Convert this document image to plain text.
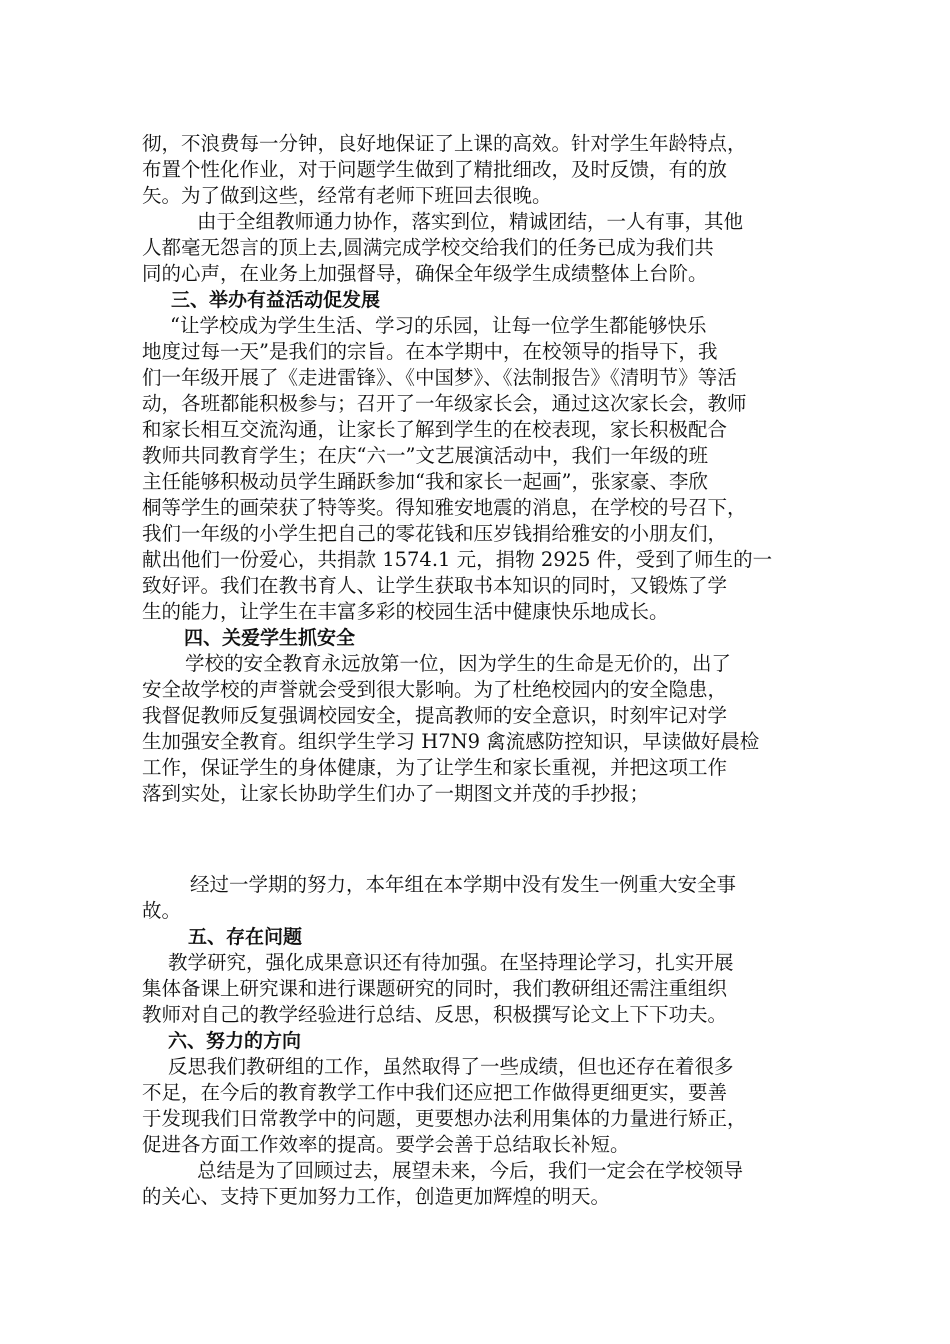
彻，不浪费每一分钟，良好地保证了上课的高效。针对学生年龄特点，
布置个性化作业，对于问题学生做到了精批细改，及时反馈，有的放
矢。为了做到这些，经常有老师下班回去很晚。
由于全组教师通力协作，落实到位，精诚团结，一人有事，其他
人都毫无怨言的顶上去,圆满完成学校交给我们的任务已成为我们共
同的心声，在业务上加强督导，确保全年级学生成绩整体上台阶。
三、举办有益活动促发展
“让学校成为学生生活、学习的乐园，让每一位学生都能够快乐
地度过每一天”是我们的宗旨。在本学期中，在校领导的指导下，我
们一年级开展了《走进雷锋》、《中国梦》、《法制报告》《清明节》等活
动，各班都能积极参与；召开了一年级家长会，通过这次家长会，教师
和家长相互交流沟通，让家长了解到学生的在校表现，家长积极配合
教师共同教育学生；在庆“六一”文艺展演活动中，我们一年级的班
主任能够积极动员学生踊跃参加“我和家长一起画”，张家豪、李欣
桐等学生的画荣获了特等奖。得知雅安地震的消息，在学校的号召下，
我们一年级的小学生把自己的零花钱和压岁钱捐给雅安的小朋友们，
献出他们一份爱心，共捐款 1574.1 元，捐物 2925 件，受到了师生的一
致好评。我们在教书育人、让学生获取书本知识的同时，又锻炼了学
生的能力，让学生在丰富多彩的校园生活中健康快乐地成长。
四、关爱学生抓安全
学校的安全教育永远放第一位，因为学生的生命是无价的，出了
安全故学校的声誉就会受到很大影响。为了杜绝校园内的安全隐患，
我督促教师反复强调校园安全，提高教师的安全意识，时刻牢记对学
生加强安全教育。组织学生学习 H7N9 禽流感防控知识，早读做好晨检
工作，保证学生的身体健康，为了让学生和家长重视，并把这项工作
落到实处，让家长协助学生们办了一期图文并茂的手抄报；
经过一学期的努力，本年组在本学期中没有发生一例重大安全事
故。
五、存在问题
教学研究，强化成果意识还有待加强。在坚持理论学习，扎实开展
集体备课上研究课和进行课题研究的同时，我们教研组还需注重组织
教师对自己的教学经验进行总结、反思，积极撰写论文上下下功夫。
六、努力的方向
反思我们教研组的工作，虽然取得了一些成绩，但也还存在着很多
不足，在今后的教育教学工作中我们还应把工作做得更细更实，要善
于发现我们日常教学中的问题，更要想办法利用集体的力量进行矫正，
促进各方面工作效率的提高。要学会善于总结取长补短。
总结是为了回顾过去，展望未来，今后，我们一定会在学校领导
的关心、支持下更加努力工作，创造更加辉煌的明天。
